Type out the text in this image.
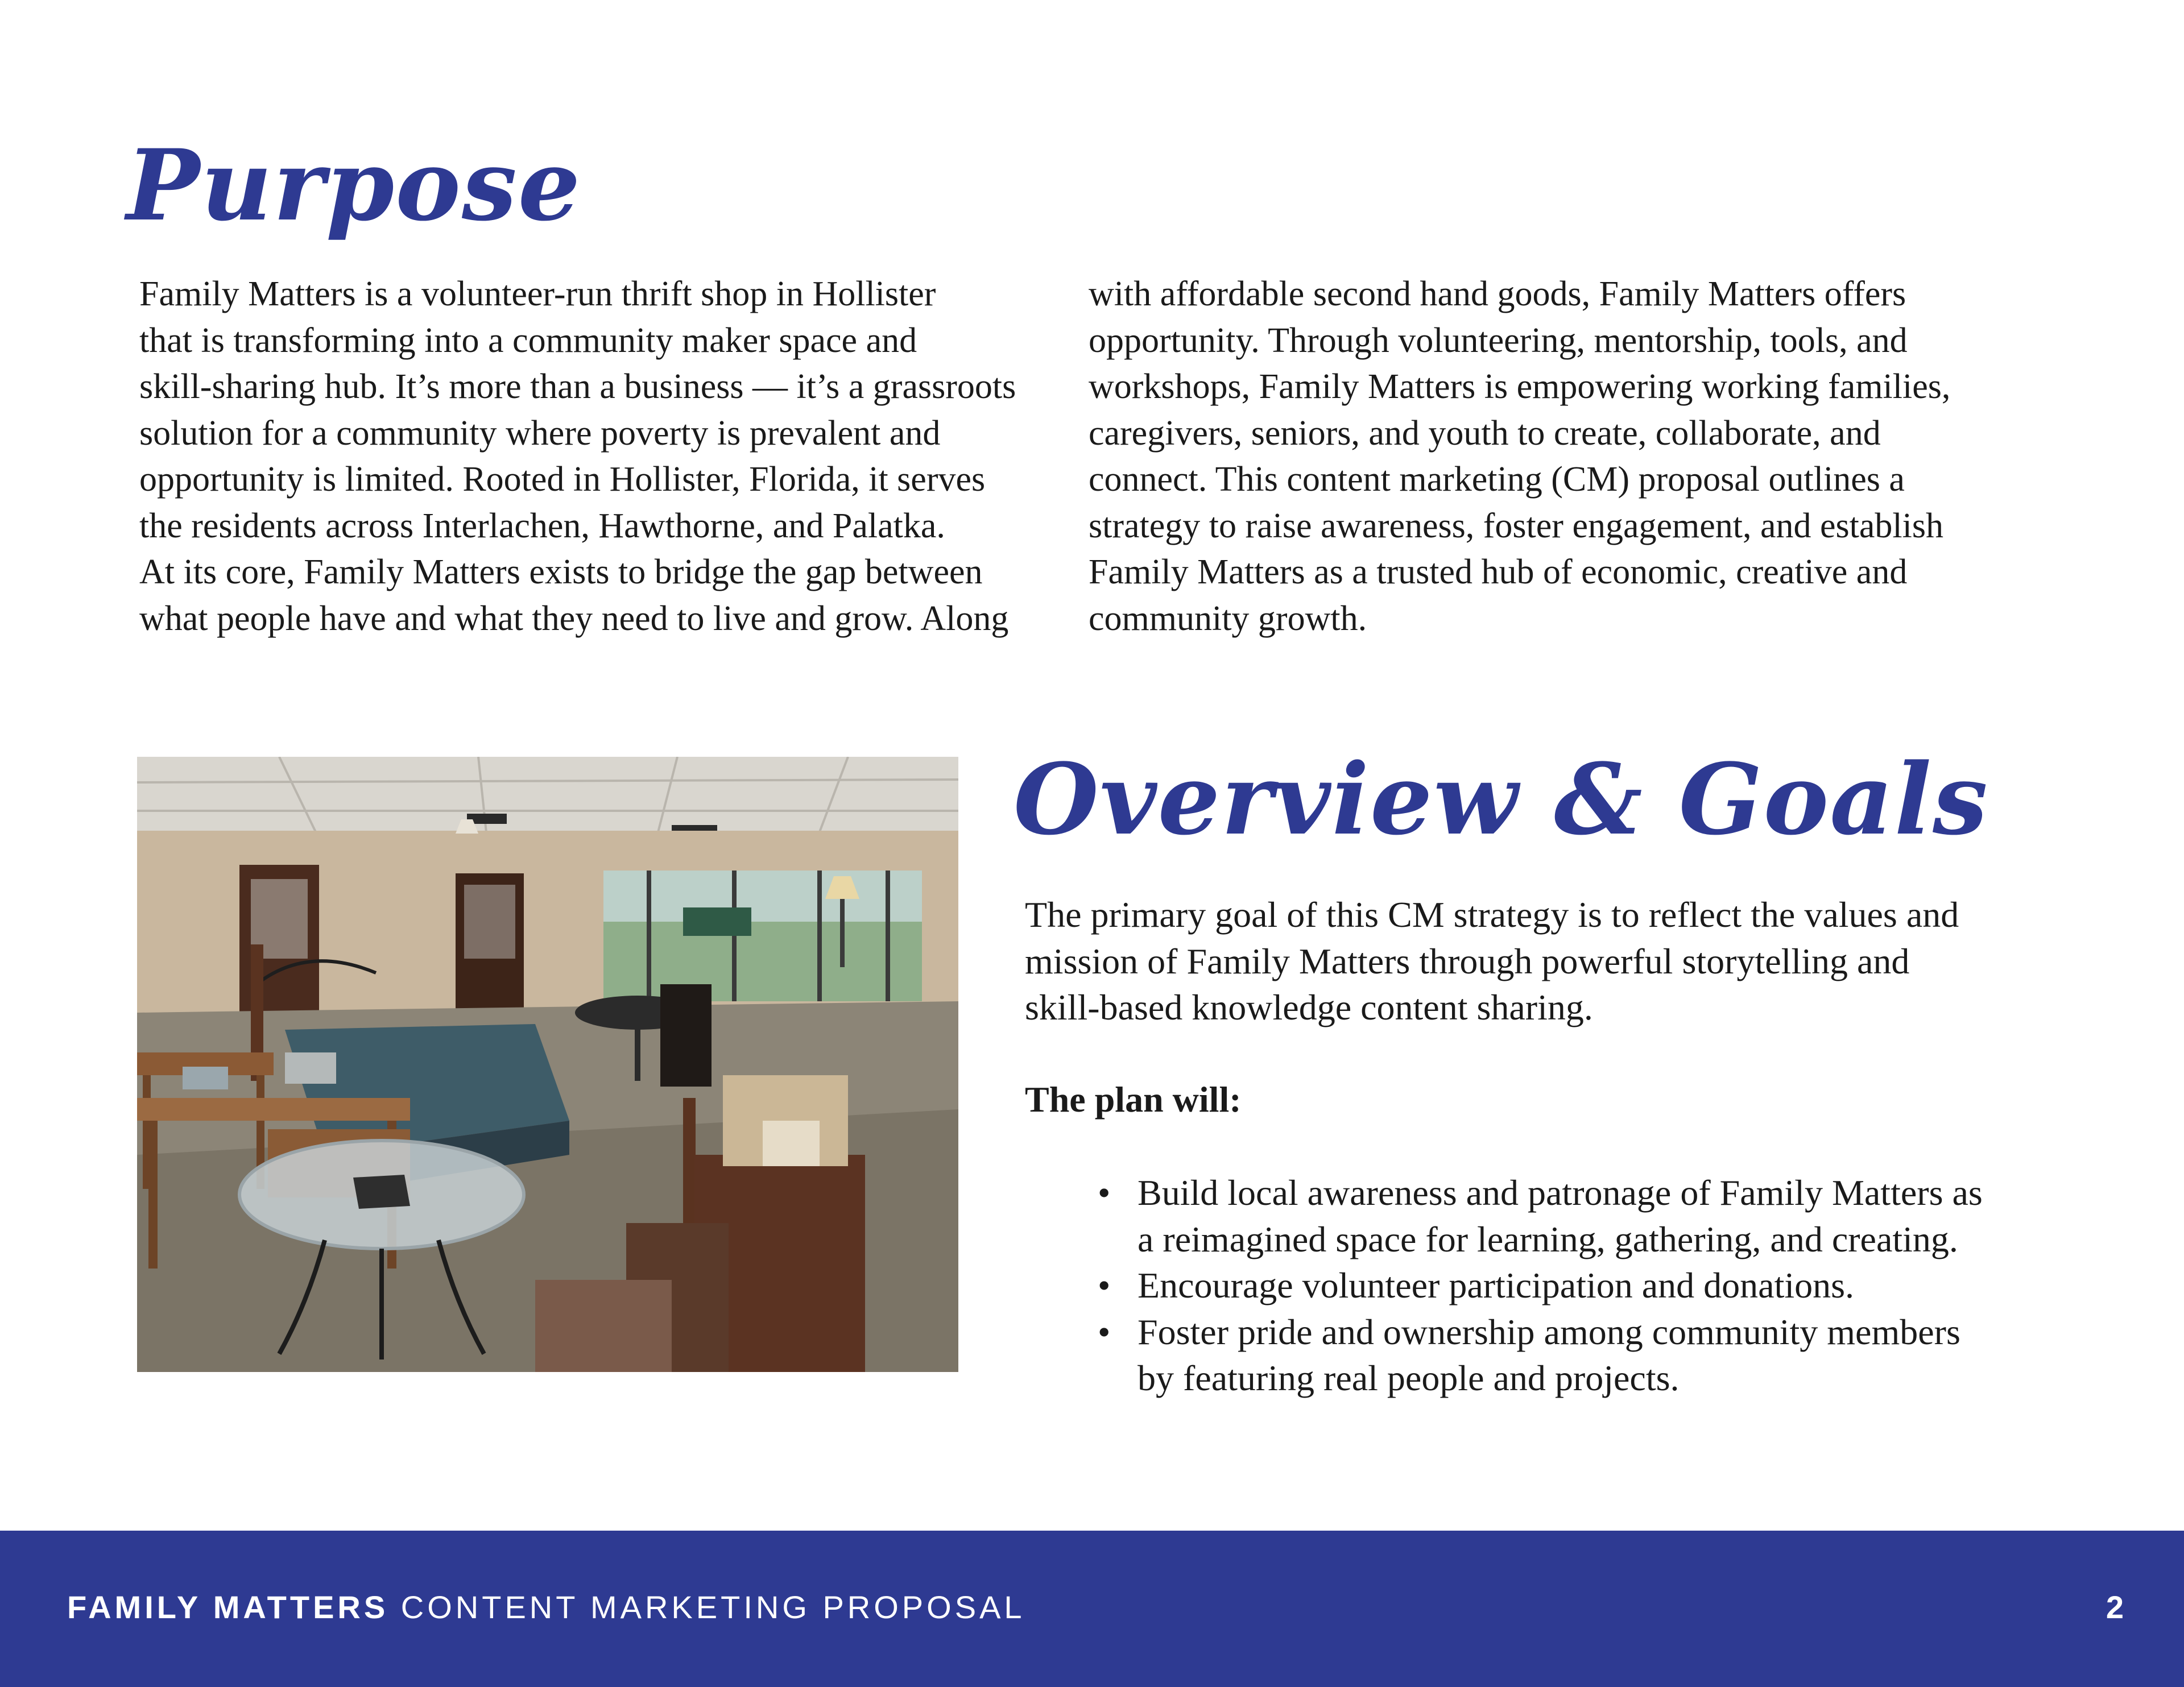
Purpose

Family Matters is a volunteer-run thrift shop in Hollister
that is transforming into a community maker space and
skill-sharing hub. It’s more than a business — it’s a grassroots
solution for a community where poverty is prevalent and
opportunity is limited. Rooted in Hollister, Florida, it serves
the residents across Interlachen, Hawthorne, and Palatka.
At its core, Family Matters exists to bridge the gap between
what people have and what they need to live and grow. Along

with affordable second hand goods, Family Matters offers
opportunity. Through volunteering, mentorship, tools, and
workshops, Family Matters is empowering working families,
caregivers, seniors, and youth to create, collaborate, and
connect. This content marketing (CM) proposal outlines a
strategy to raise awareness, foster engagement, and establish
Family Matters as a trusted hub of economic, creative and
community growth.

Overview & Goals

The primary goal of this CM strategy is to reflect the values and
mission of Family Matters through powerful storytelling and
skill-based knowledge content sharing.

The plan will:

• Build local awareness and patronage of Family Matters as
a reimagined space for learning, gathering, and creating.
• Encourage volunteer participation and donations.
• Foster pride and ownership among community members
by featuring real people and projects.

FAMILY MATTERS CONTENT MARKETING PROPOSAL	2
